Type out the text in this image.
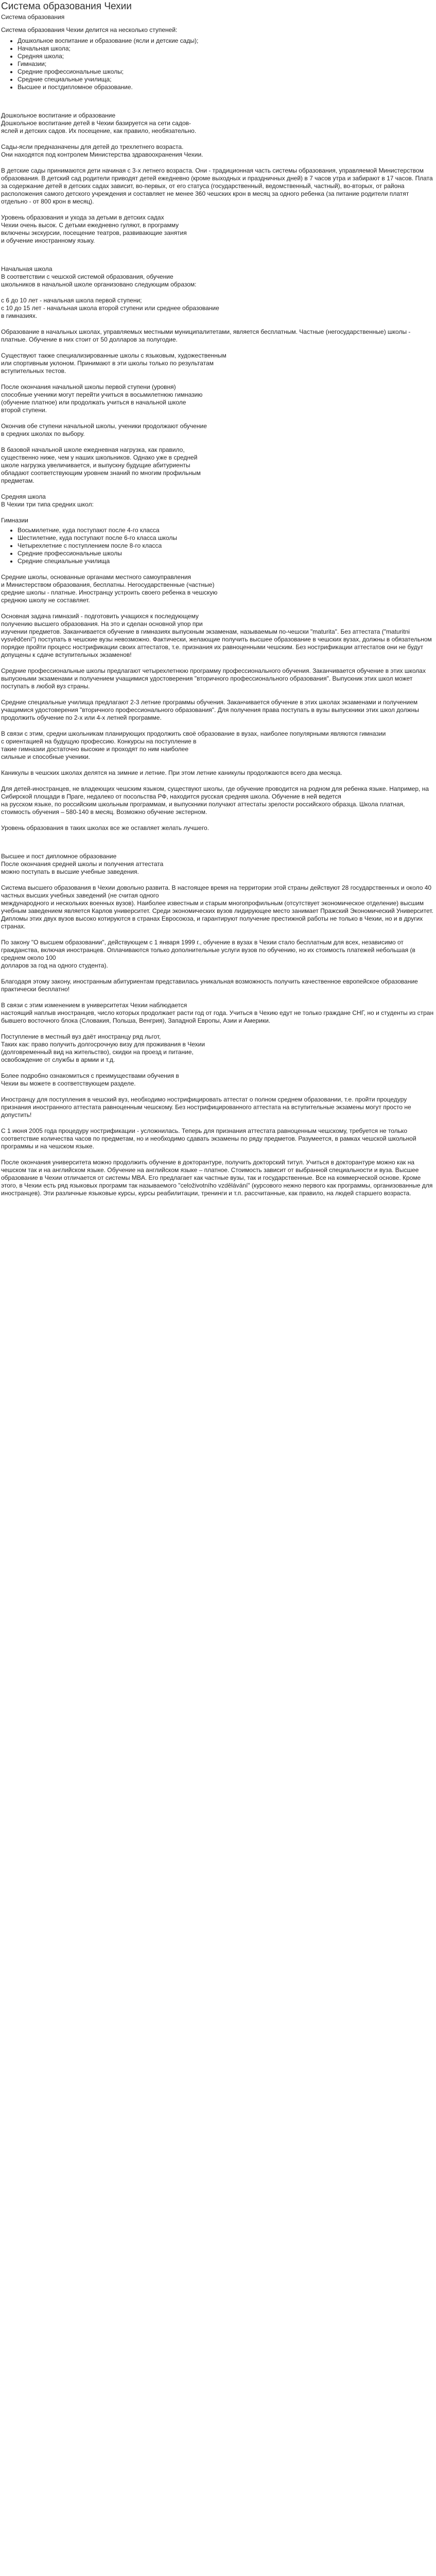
Система образования Чехии
Система образования

Система образования Чехии делится на несколько ступеней:

• Дошкольное воспитание и образование (ясли и детские сады);
• Начальная школа;
• Средняя школа;
• Гимназии;
• Средние профессиональные школы;
• Средние специальные училища;
• Высшее и постдипломное образование.

Дошкольное воспитание и образование

Дошкольное воспитание детей в Чехии базируется на сети садов-
яслей и детских садов. Их посещение, как правило, необязательно.

Сады-ясли предназначены для детей до трехлетнего возраста.
Они находятся под контролем Министерства здравоохранения Чехии.

В детские сады принимаются дети начиная с 3-х летнего возраста. Они - традиционная часть системы образования, управляемой Министерством образования. В детский сад родители приводят детей ежедневно (кроме выходных и праздничных дней) в 7 часов утра и забирают в 17 часов. Плата за содержание детей в детских садах зависит, во-первых, от его статуса (государственный, ведомственный, частный), во-вторых, от района расположения самого детского учреждения и составляет не менее 360 чешских крон в месяц за одного ребенка (за питание родители платят отдельно - от 800 крон в месяц).

Уровень образования и ухода за детьми в детских садах
Чехии очень высок. С детьми ежедневно гуляют, в программу
включены экскурсии, посещение театров, развивающие занятия
и обучение иностранному языку.

Начальная школа

В соответствии с чешской системой образования, обучение
школьников в начальной школе организовано следующим образом:

с 6 до 10 лет - начальная школа первой ступени;
с 10 до 15 лет - начальная школа второй ступени или среднее образование
в гимназиях.

Образование в начальных школах, управляемых местными муниципалитетами, является бесплатным. Частные (негосударственные) школы -
платные. Обучение в них стоит от 50 долларов за полугодие.

Существуют также специализированные школы с языковым, художественным
или спортивным уклоном. Принимают в эти школы только по результатам
вступительных тестов.

После окончания начальной школы первой ступени (уровня)
способные ученики могут перейти учиться в восьмилетнюю гимназию
(обучение платное) или продолжать учиться в начальной школе
второй ступени.

Окончив обе ступени начальной школы, ученики продолжают обучение
в средних школах по выбору.

В базовой начальной школе ежедневная нагрузка, как правило,
существенно ниже, чем у наших школьников. Однако уже в средней
школе нагрузка увеличивается, и выпускну будущие абитуриенты
обладают соответствующим уровнем знаний по многим профильным
предметам.

Средняя школа
В Чехии три типа средних школ:

Гимназии

• Восьмилетние, куда поступают после 4-го класса
• Шестилетние, куда поступают после 6-го класса школы
• Четырехлетние с поступлением после 8-го класса
• Средние профессиональные школы
• Средние специальные училища

Средние школы, основанные органами местного самоуправления
и Министерством образования, бесплатны. Негосударственные (частные)
средние школы - платные. Иностранцу устроить своего ребенка в чешскую
среднюю школу не составляет.

Основная задача гимназий - подготовить учащихся к последующему
получению высшего образования. На это и сделан основной упор при
изучении предметов. Заканчивается обучение в гимназиях выпускным экзаменам, называемым по-чешски "maturita". Без аттестата ("maturitni
vysvědčení") поступать в чешские вузы невозможно. Фактически, желающие получить высшее образование в чешских вузах, должны в обязательном порядке пройти процесс нострификации своих аттестатов, т.е. признания их равноценными чешским. Без нострификации аттестатов они не будут допущены к сдаче вступительных экзаменов!

Средние профессиональные школы предлагают четырехлетнюю программу профессионального обучения. Заканчивается обучение в этих школах выпускными экзаменами и получением учащимися удостоверения "вторичного профессионального образования". Выпускник этих школ может поступать в любой вуз страны.

Средние специальные училища предлагают 2-3 летние программы обучения. Заканчивается обучение в этих школах экзаменами и получением учащимися удостоверения "вторичного профессионального образования". Для получения права поступать в вузы выпускники этих школ должны продолжить обучение по 2-х или 4-х летней программе.

В связи с этим, средни школьникам планирующих продолжить своё образование в вузах, наиболее популярными являются гимназии
с ориентацией на будущую профессию. Конкурсы на поступление в
такие гимназии достаточно высокие и проходят по ним наиболее
сильные и способные ученики.

Каникулы в чешских школах делятся на зимние и летние. При этом летние каникулы продолжаются всего два месяца.

Для детей-иностранцев, не владеющих чешским языком, существуют школы, где обучение проводится на родном для ребенка языке. Например, на Сибирской площади в Праге, недалеко от посольства РФ, находится русская средняя школа. Обучение в ней ведется
на русском языке, по российским школьным программам, и выпускники получают аттестаты зрелости российского образца. Школа платная, стоимость обучения – 580-140 в месяц. Возможно обучение экстерном.

Уровень образования в таких школах все же оставляет желать лучшего.

Высшее и пост дипломное образование

После окончания средней школы и получения аттестата
можно поступать в высшие учебные заведения.

Система высшего образования в Чехии довольно развита. В настоящее время на территории этой страны действуют 28 государственных и около 40 частных высших учебных заведений (не считая одного
международного и нескольких военных вузов). Наиболее известным и старым многопрофильным (отсутствует экономическое отделение) высшим учебным заведением является Карлов университет. Среди экономических вузов лидирующее место занимает Пражский Экономический Университет. Дипломы этих двух вузов высоко котируются в странах Евросоюза, и гарантируют получение престижной работы не только в Чехии, но и в других странах.

По закону "О высшем образовании", действующем с 1 января 1999 г., обучение в вузах в Чехии стало бесплатным для всех, независимо от гражданства, включая иностранцев. Оплачиваются только дополнительные услуги вузов по обучению, но их стоимость платежей небольшая (в среднем около 100
долларов за год на одного студента).

Благодаря этому закону, иностранным абитуриентам представилась уникальная возможность получить качественное европейское образование практически бесплатно!

В связи с этим изменением в университетах Чехии наблюдается
настоящий наплыв иностранцев, число которых продолжает расти год от года. Учиться в Чехию едут не только граждане СНГ, но и студенты из стран бывшего восточного блока (Словакия, Польша, Венгрия), Западной Европы, Азии и Америки.

Поступление в местный вуз даёт иностранцу ряд льгот,
Таких как: право получить долгосрочную визу для проживания в Чехии
(долговременный вид на жительство), скидки на проезд и питание,
освобождение от службы в армии и т.д.

Более подробно ознакомиться с преимуществами обучения в
Чехии вы можете в соответствующем разделе.

Иностранцу для поступления в чешский вуз, необходимо нострифицировать аттестат о полном среднем образовании, т.е. пройти процедуру признания иностранного аттестата равноценным чешскому. Без нострифицированного аттестата на вступительные экзамены могут просто не допустить!

С 1 июня 2005 года процедуру нострификации - усложнилась. Теперь для признания аттестата равноценным чешскому, требуется не только соответствие количества часов по предметам, но и необходимо сдавать экзамены по ряду предметов. Разумеется, в рамках чешской школьной программы и на чешском языке.

После окончания университета можно продолжить обучение в докторантуре, получить докторский титул. Учиться в докторантуре можно как на чешском так и на английском языке. Обучение на английском языке – платное. Стоимость зависит от выбранной специальности и вуза. Высшее образование в Чехии отличается от системы MBA. Его предлагает как частные вузы, так и государственные. Все на коммерческой основе. Кроме этого, в Чехии есть ряд языковых программ так называемого "celoživotního vzdělávání" (курсового нежно первого как программы, организованные для иностранцев). Эти различные языковые курсы, курсы реабилитации, тренинги и т.п. рассчитанные, как правило, на людей старшего возраста.
